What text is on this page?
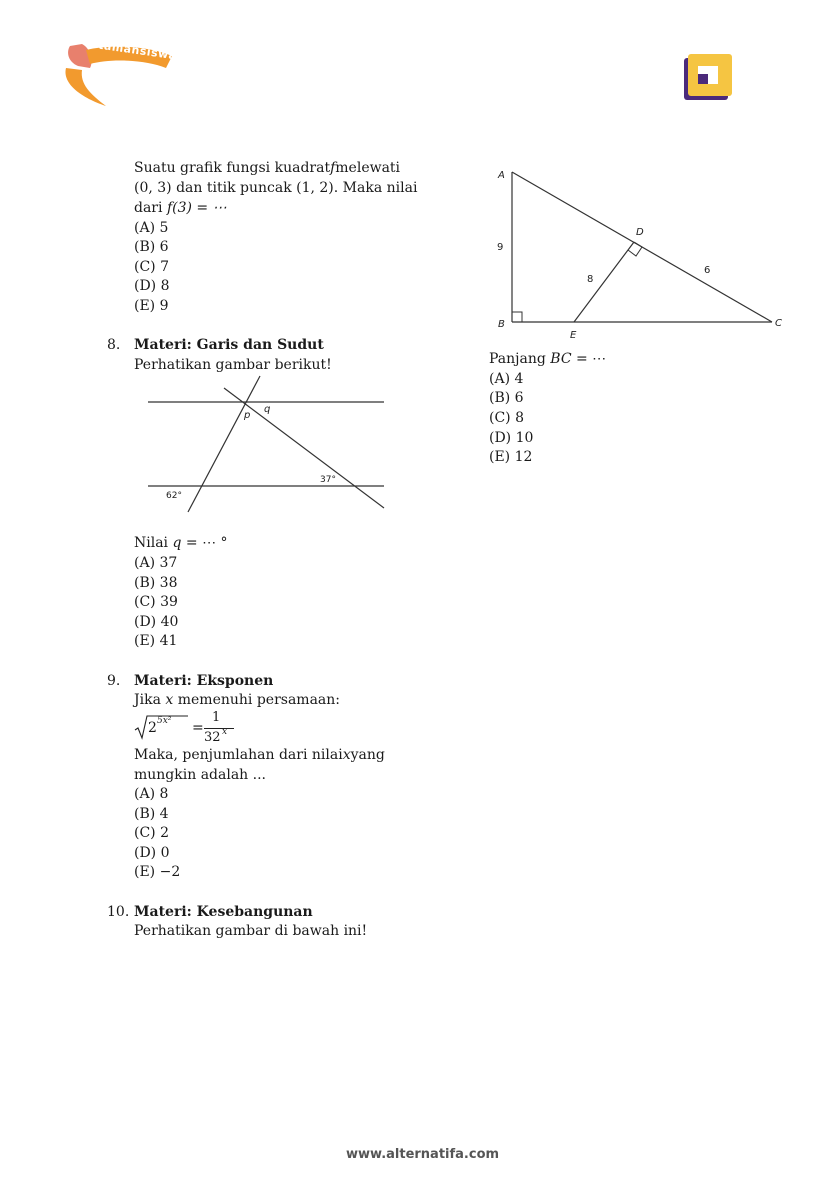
tamansiswa
Suatu grafik fungsi kuadrat f melewati
(0, 3) dan titik puncak (1, 2). Maka nilai
dari f(3) = ⋯
(A) 5
(B) 6
(C) 7
(D) 8
(E) 9
8. Materi: Garis dan Sudut
Perhatikan gambar berikut!
q
p
37°
62°
Nilai q = ⋯ °
(A) 37
(B) 38
(C) 39
(D) 40
(E) 41
9. Materi: Eksponen
Jika x memenuhi persamaan:
2 5x² =
1
32 x
Maka, penjumlahan dari nilai x yang
mungkin adalah ...
(A) 8
(B) 4
(C) 2
(D) 0
(E) −2
10. Materi: Kesebangunan
Perhatikan gambar di bawah ini!
A
B	C
D
E
9
8
6
Panjang BC = ⋯
(A) 4
(B) 6
(C) 8
(D) 10
(E) 12
www.alternatifa.com
